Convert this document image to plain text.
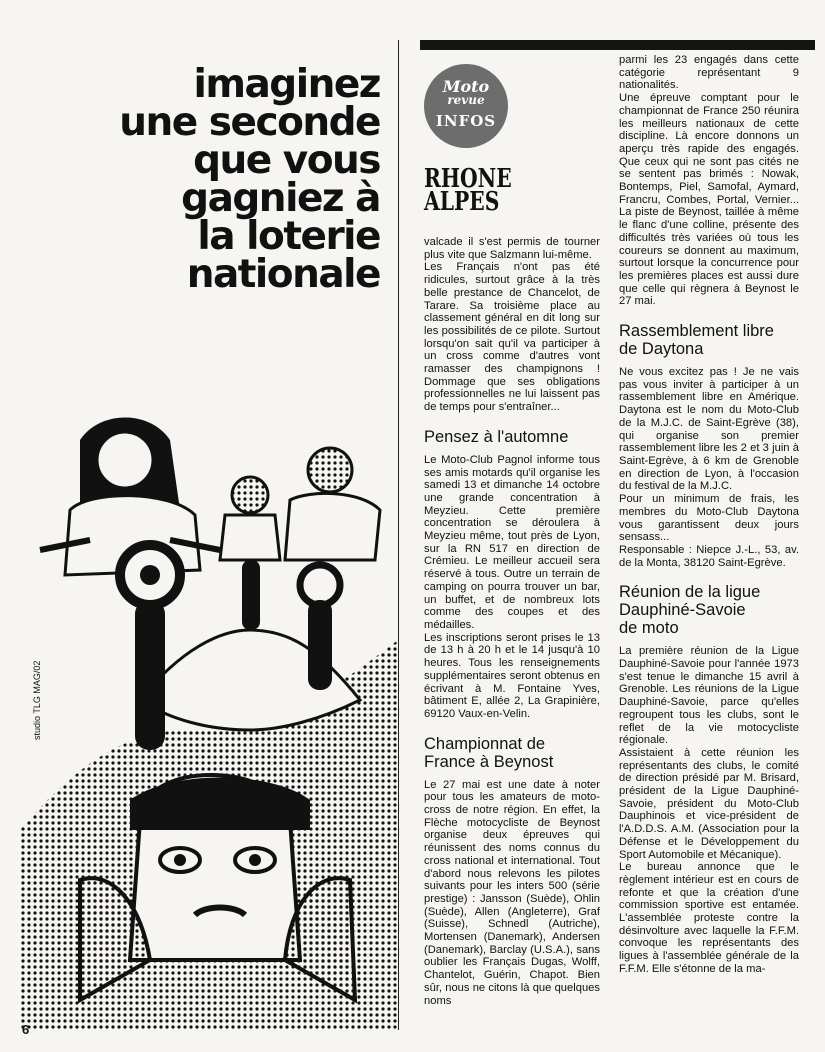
imaginez
une seconde
que vous
gagniez à
la loterie
nationale
studio TLG MAG/02
Moto
revue
INFOS
RHONE
ALPES

valcade il s'est permis de tourner plus vite que Salzmann lui-même.

Les Français n'ont pas été ridicules, surtout grâce à la très belle prestance de Chancelot, de Tarare. Sa troisième place au classement général en dit long sur les possibilités de ce pilote. Surtout lorsqu'on sait qu'il va participer à un cross comme d'autres vont ramasser des champignons ! Dommage que ses obligations professionnelles ne lui laissent pas de temps pour s'entraîner...

Pensez à l'automne

Le Moto-Club Pagnol informe tous ses amis motards qu'il organise les samedi 13 et dimanche 14 octobre une grande concentration à Meyzieu. Cette première concentration se déroulera à Meyzieu même, tout près de Lyon, sur la RN 517 en direction de Crémieu. Le meilleur accueil sera réservé à tous. Outre un terrain de camping on pourra trouver un bar, un buffet, et de nombreux lots comme des coupes et des médailles.

Les inscriptions seront prises le 13 de 13 h à 20 h et le 14 jusqu'à 10 heures. Tous les renseignements supplémentaires seront obtenus en écrivant à M. Fontaine Yves, bâtiment E, allée 2, La Grapinière, 69120 Vaux-en-Velin.

Championnat de
France à Beynost

Le 27 mai est une date à noter pour tous les amateurs de moto-cross de notre région. En effet, la Flèche motocycliste de Beynost organise deux épreuves qui réunissent des noms connus du cross national et international. Tout d'abord nous relevons les pilotes suivants pour les inters 500 (série prestige) : Jansson (Suède), Ohlin (Suède), Allen (Angleterre), Graf (Suisse), Schnedl (Autriche), Mortensen (Danemark), Andersen (Danemark), Barclay (U.S.A.), sans oublier les Français Dugas, Wolff, Chantelot, Guérin, Chapot. Bien sûr, nous ne citons là que quelques noms

parmi les 23 engagés dans cette catégorie représentant 9 nationalités.

Une épreuve comptant pour le championnat de France 250 réunira les meilleurs nationaux de cette discipline. Là encore donnons un aperçu très rapide des engagés. Que ceux qui ne sont pas cités ne se sentent pas brimés : Nowak, Bontemps, Piel, Samofal, Aymard, Francru, Combes, Portal, Vernier... La piste de Beynost, taillée à même le flanc d'une colline, présente des difficultés très variées où tous les coureurs se donnent au maximum, surtout lorsque la concurrence pour les premières places est aussi dure que celle qui règnera à Beynost le 27 mai.

Rassemblement libre
de Daytona

Ne vous excitez pas ! Je ne vais pas vous inviter à participer à un rassemblement libre en Amérique. Daytona est le nom du Moto-Club de la M.J.C. de Saint-Egrève (38), qui organise son premier rassemblement libre les 2 et 3 juin à Saint-Egrève, à 6 km de Grenoble en direction de Lyon, à l'occasion du festival de la M.J.C.

Pour un minimum de frais, les membres du Moto-Club Daytona vous garantissent deux jours sensass...

Responsable : Niepce J.-L., 53, av. de la Monta, 38120 Saint-Egrève.

Réunion de la ligue
Dauphiné-Savoie
de moto

La première réunion de la Ligue Dauphiné-Savoie pour l'année 1973 s'est tenue le dimanche 15 avril à Grenoble. Les réunions de la Ligue Dauphiné-Savoie, parce qu'elles regroupent tous les clubs, sont le reflet de la vie motocycliste régionale.

Assistaient à cette réunion les représentants des clubs, le comité de direction présidé par M. Brisard, président de la Ligue Dauphiné-Savoie, président du Moto-Club Dauphinois et vice-président de l'A.D.D.S. A.M. (Association pour la Défense et le Développement du Sport Automobile et Mécanique).

Le bureau annonce que le règlement intérieur est en cours de refonte et que la création d'une commission sportive est entamée. L'assemblée proteste contre la désinvolture avec laquelle la F.F.M. convoque les représentants des ligues à l'assemblée générale de la F.F.M. Elle s'étonne de la ma-

6
